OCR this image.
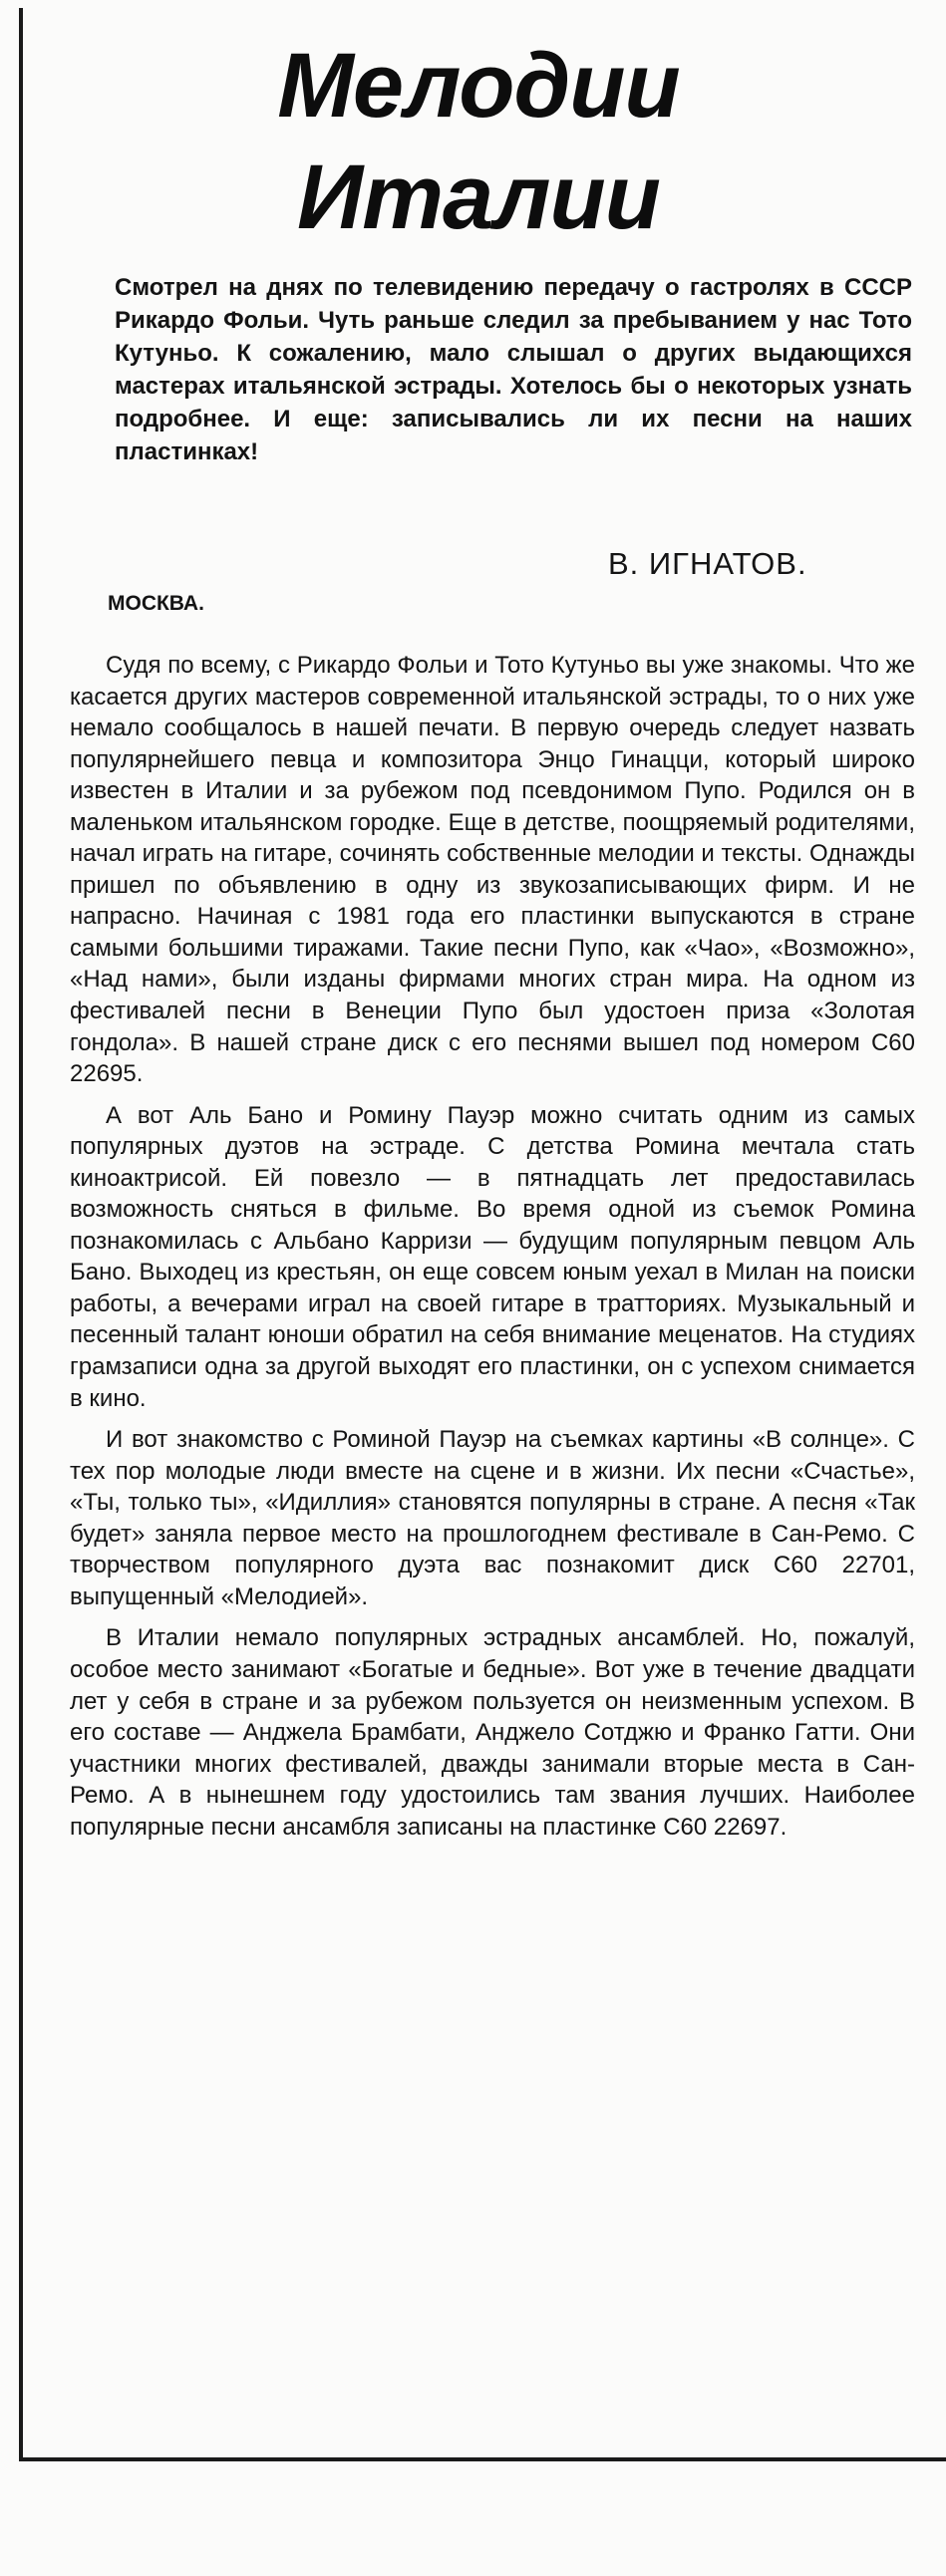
Мелодии
Италии

Смотрел на днях по телевидению передачу о гастролях в СССР Рикардо Фольи. Чуть раньше следил за пребыванием у нас Тото Кутуньо. К сожалению, мало слышал о других выдающихся мастерах итальянской эстрады. Хотелось бы о некоторых узнать подробнее. И еще: записывались ли их песни на наших пластинках!

В. ИГНАТОВ.
МОСКВА.

Судя по всему, с Рикардо Фольи и Тото Кутуньо вы уже знакомы. Что же касается других мастеров современной итальянской эстрады, то о них уже немало сообщалось в нашей печати. В первую очередь следует назвать популярнейшего певца и композитора Энцо Гинацци, который широко известен в Италии и за рубежом под псевдонимом Пупо. Родился он в маленьком итальянском городке. Еще в детстве, поощряемый родителями, начал играть на гитаре, сочинять собственные мелодии и тексты. Однажды пришел по объявлению в одну из звукозаписывающих фирм. И не напрасно. Начиная с 1981 года его пластинки выпускаются в стране самыми большими тиражами. Такие песни Пупо, как «Чао», «Возможно», «Над нами», были изданы фирмами многих стран мира. На одном из фестивалей песни в Венеции Пупо был удостоен приза «Золотая гондола». В нашей стране диск с его песнями вышел под номером С60 22695.

А вот Аль Бано и Ромину Пауэр можно считать одним из самых популярных дуэтов на эстраде. С детства Ромина мечтала стать киноактрисой. Ей повезло — в пятнадцать лет предоставилась возможность сняться в фильме. Во время одной из съемок Ромина познакомилась с Альбано Карризи — будущим популярным певцом Аль Бано. Выходец из крестьян, он еще совсем юным уехал в Милан на поиски работы, а вечерами играл на своей гитаре в тратториях. Музыкальный и песенный талант юноши обратил на себя внимание меценатов. На студиях грамзаписи одна за другой выходят его пластинки, он с успехом снимается в кино.

И вот знакомство с Роминой Пауэр на съемках картины «В солнце». С тех пор молодые люди вместе на сцене и в жизни. Их песни «Счастье», «Ты, только ты», «Идиллия» становятся популярны в стране. А песня «Так будет» заняла первое место на прошлогоднем фестивале в Сан-Ремо. С творчеством популярного дуэта вас познакомит диск С60 22701, выпущенный «Мелодией».

В Италии немало популярных эстрадных ансамблей. Но, пожалуй, особое место занимают «Богатые и бедные». Вот уже в течение двадцати лет у себя в стране и за рубежом пользуется он неизменным успехом. В его составе — Анджела Брамбати, Анджело Сотджю и Франко Гатти. Они участники многих фестивалей, дважды занимали вторые места в Сан-Ремо. А в нынешнем году удостоились там звания лучших. Наиболее популярные песни ансамбля записаны на пластинке С60 22697.
